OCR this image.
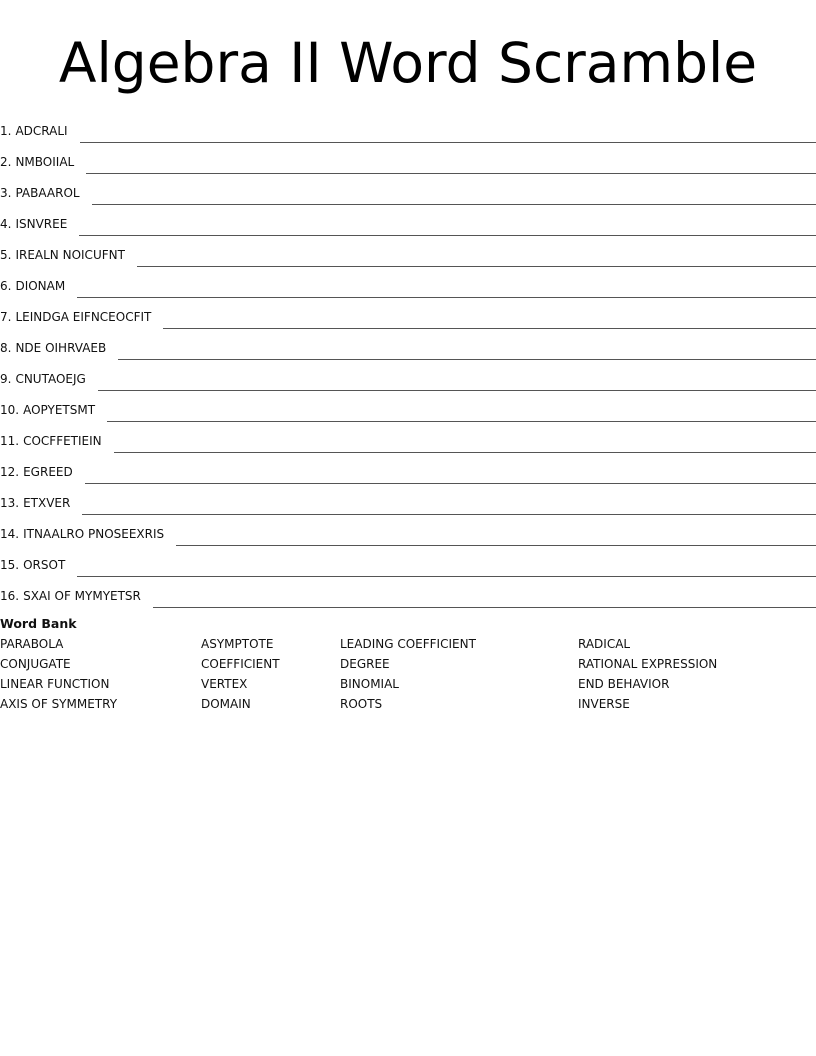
Algebra II Word Scramble
1. ADCRALI
2. NMBOIIAL
3. PABAAROL
4. ISNVREE
5. IREALN NOICUFNT
6. DIONAM
7. LEINDGA EIFNCEOCFIT
8. NDE OIHRVAEB
9. CNUTAOEJG
10. AOPYETSMT
11. COCFFETIEIN
12. EGREED
13. ETXVER
14. ITNAALRO PNOSEEXRIS
15. ORSOT
16. SXAI OF MYMYETSR
Word Bank
PARABOLA	ASYMPTOTE	LEADING COEFFICIENT	RADICAL
CONJUGATE	COEFFICIENT	DEGREE	RATIONAL EXPRESSION
LINEAR FUNCTION	VERTEX	BINOMIAL	END BEHAVIOR
AXIS OF SYMMETRY	DOMAIN	ROOTS	INVERSE
